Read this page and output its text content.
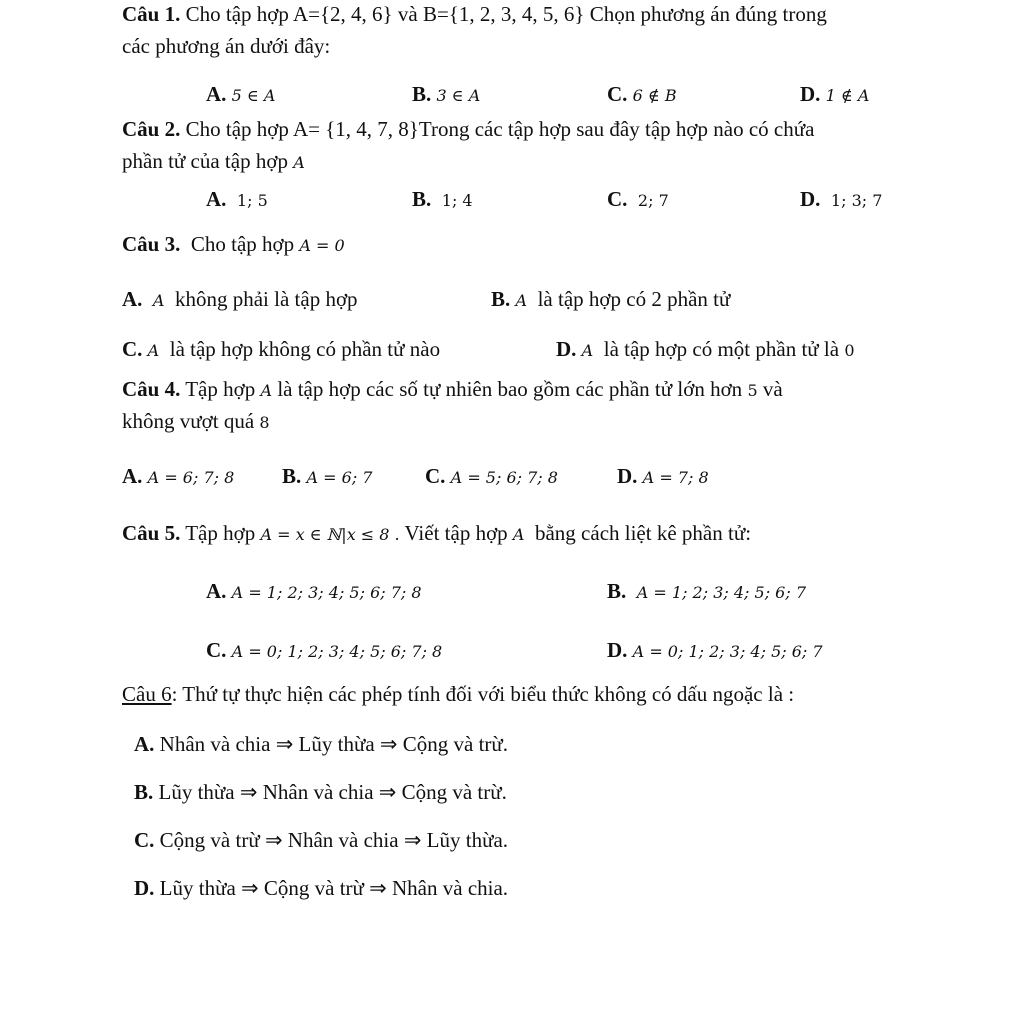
Câu 1. Cho tập hợp A={2, 4, 6} và B={1, 2, 3, 4, 5, 6} Chọn phương án đúng trong
các phương án dưới đây:
A. 5 ∈ A	B. 3 ∈ A	C. 6 ∉ B	D. 1 ∉ A
Câu 2. Cho tập hợp A= {1, 4, 7, 8}Trong các tập hợp sau đây tập hợp nào có chứa
phần tử của tập hợp A
A. 1; 5	B. 1; 4	C. 2; 7	D. 1; 3; 7
Câu 3. Cho tập hợp A = 0
A. A không phải là tập hợp	B. A là tập hợp có 2 phần tử
C. A là tập hợp không có phần tử nào	D. A là tập hợp có một phần tử là 0
Câu 4. Tập hợp A là tập hợp các số tự nhiên bao gồm các phần tử lớn hơn 5 và
không vượt quá 8
A. A = 6; 7; 8 B. A = 6; 7	C. A = 5; 6; 7; 8	D. A = 7; 8
Câu 5. Tập hợp A = x ∈ ℕ|x ≤ 8 . Viết tập hợp A bằng cách liệt kê phần tử:
A. A = 1; 2; 3; 4; 5; 6; 7; 8	B. A = 1; 2; 3; 4; 5; 6; 7
C. A = 0; 1; 2; 3; 4; 5; 6; 7; 8	D. A = 0; 1; 2; 3; 4; 5; 6; 7
Câu 6: Thứ tự thực hiện các phép tính đối với biểu thức không có dấu ngoặc là :
A. Nhân và chia ⇒ Lũy thừa ⇒ Cộng và trừ.
B. Lũy thừa ⇒ Nhân và chia ⇒ Cộng và trừ.
C. Cộng và trừ ⇒ Nhân và chia ⇒ Lũy thừa.
D. Lũy thừa ⇒ Cộng và trừ ⇒ Nhân và chia.
